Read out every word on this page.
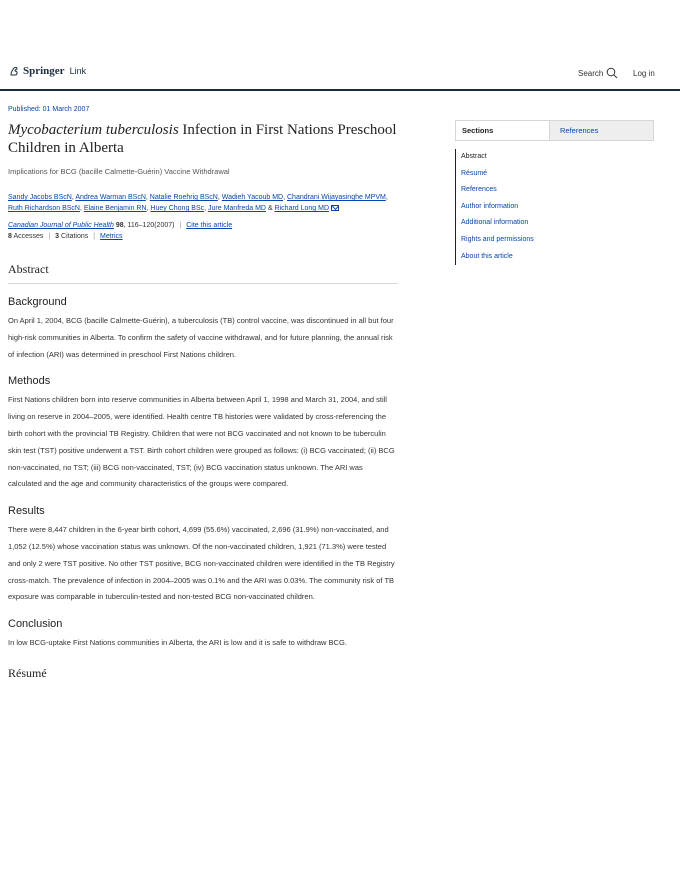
Springer Link	Search	Log in
Published: 01 March 2007
Mycobacterium tuberculosis Infection in First Nations Preschool Children in Alberta
Implications for BCG (bacille Calmette-Guérin) Vaccine Withdrawal
Sandy Jacobs BScN, Andrea Warman BScN, Natalie Roehrig BScN, Wadieh Yacoub MD, Chandrani Wijayasinghe MPVM, Ruth Richardson BScN, Elaine Benjamin RN, Huey Chong BSc, Jure Manfreda MD & Richard Long MD
Canadian Journal of Public Health 98, 116–120(2007) | Cite this article
8 Accesses | 3 Citations | Metrics
Abstract
Background

On April 1, 2004, BCG (bacille Calmette-Guérin), a tuberculosis (TB) control vaccine, was discontinued in all but four high-risk communities in Alberta. To confirm the safety of vaccine withdrawal, and for future planning, the annual risk of infection (ARI) was determined in preschool First Nations children.

Methods

First Nations children born into reserve communities in Alberta between April 1, 1998 and March 31, 2004, and still living on reserve in 2004–2005, were identified. Health centre TB histories were validated by cross-referencing the birth cohort with the provincial TB Registry. Children that were not BCG vaccinated and not known to be tuberculin skin test (TST) positive underwent a TST. Birth cohort children were grouped as follows: (i) BCG vaccinated; (ii) BCG non-vaccinated, no TST; (iii) BCG non-vaccinated, TST; (iv) BCG vaccination status unknown. The ARI was calculated and the age and community characteristics of the groups were compared.

Results

There were 8,447 children in the 6-year birth cohort, 4,699 (55.6%) vaccinated, 2,696 (31.9%) non-vaccinated, and 1,052 (12.5%) whose vaccination status was unknown. Of the non-vaccinated children, 1,921 (71.3%) were tested and only 2 were TST positive. No other TST positive, BCG non-vaccinated children were identified in the TB Registry cross-match. The prevalence of infection in 2004–2005 was 0.1% and the ARI was 0.03%. The community risk of TB exposure was comparable in tuberculin-tested and non-tested BCG non-vaccinated children.

Conclusion

In low BCG-uptake First Nations communities in Alberta, the ARI is low and it is safe to withdraw BCG.

Résumé
Sections	References
Abstract
Résumé
References
Author information
Additional information
Rights and permissions
About this article
